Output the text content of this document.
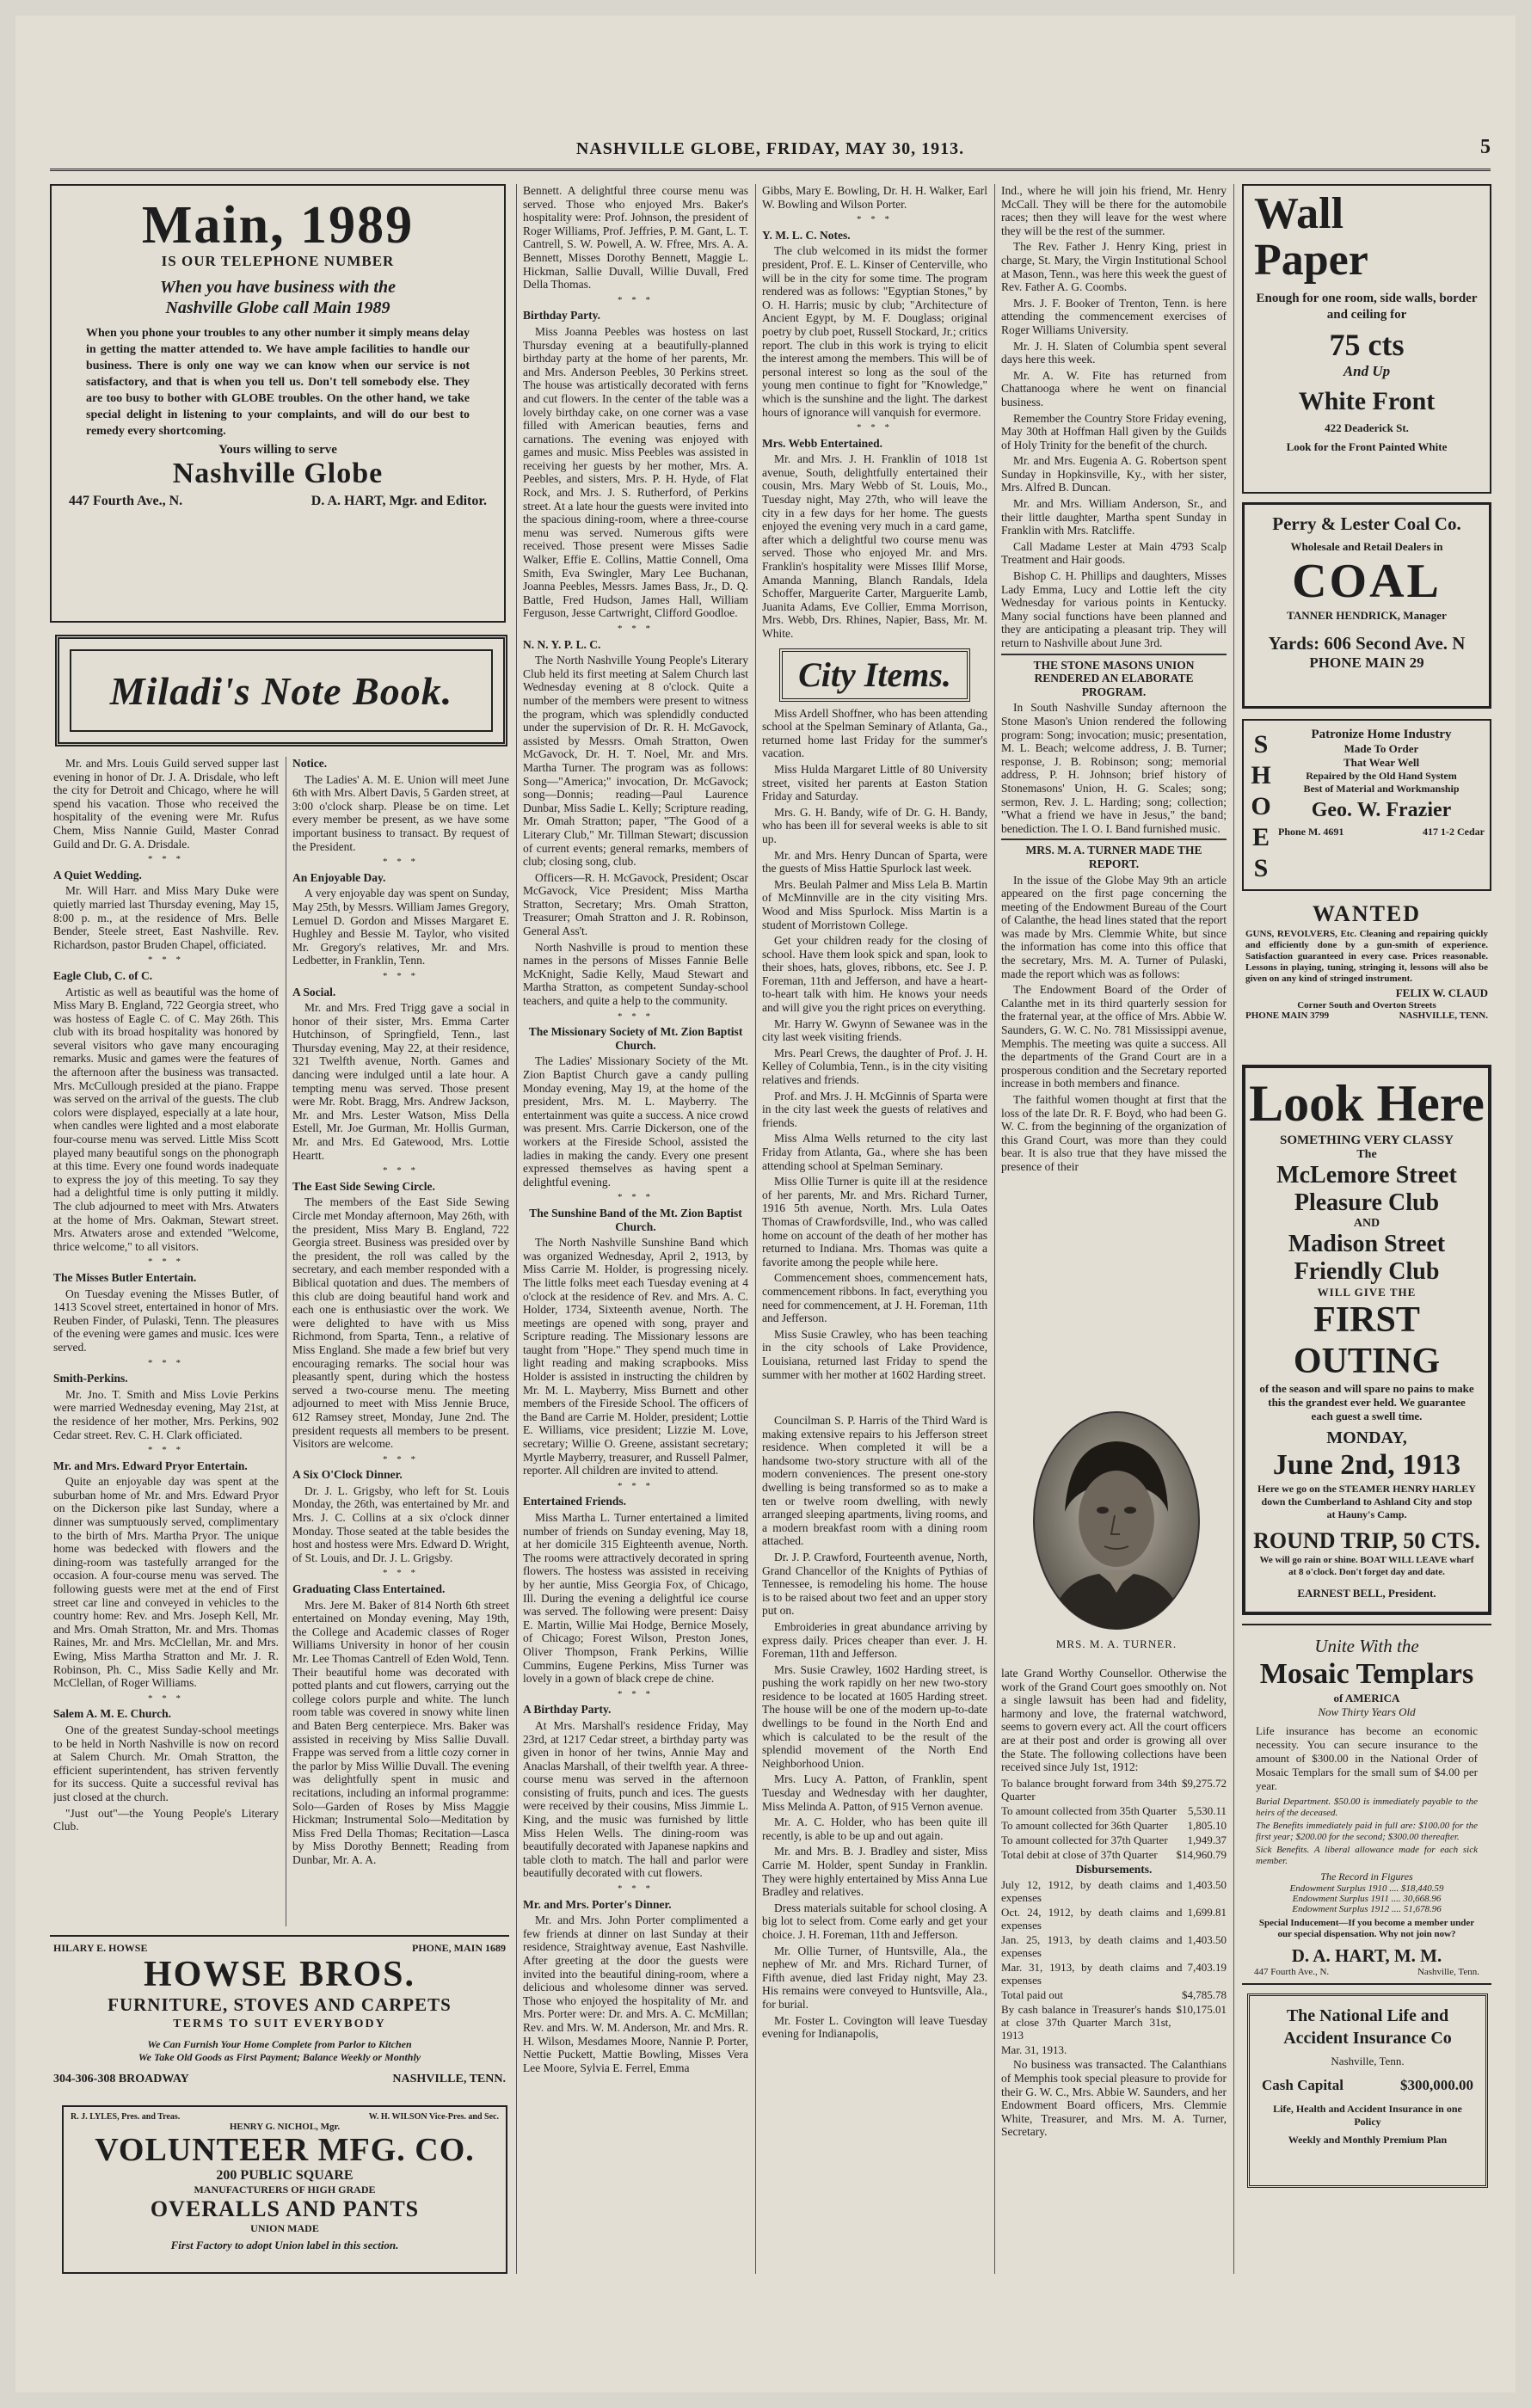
NASHVILLE GLOBE, FRIDAY, MAY 30, 1913.	5
Main, 1989
IS OUR TELEPHONE NUMBER
When you have business with the
Nashville Globe call Main 1989
When you phone your troubles to any other number it simply means delay in getting the matter attended to. We have ample facilities to handle our business. There is only one way we can know when our service is not satisfactory, and that is when you tell us. Don't tell somebody else. They are too busy to bother with GLOBE troubles. On the other hand, we take special delight in listening to your complaints, and will do our best to remedy every shortcoming.
Yours willing to serve
Nashville Globe
447 Fourth Ave., N.	D. A. HART, Mgr. and Editor.
Miladi's Note Book.

Mr. and Mrs. Louis Guild served supper last evening in honor of Dr. J. A. Drisdale, who left the city for Detroit and Chicago, where he will spend his vacation. Those who received the hospitality of the evening were Mr. Rufus Chem, Miss Nannie Guild, Master Conrad Guild and Dr. G. A. Drisdale.

* * *

A Quiet Wedding.

Mr. Will Harr. and Miss Mary Duke were quietly married last Thursday evening, May 15, 8:00 p. m., at the residence of Mrs. Belle Bender, Steele street, East Nashville. Rev. Richardson, pastor Bruden Chapel, officiated.

* * *

Eagle Club, C. of C.

Artistic as well as beautiful was the home of Miss Mary B. England, 722 Georgia street, who was hostess of Eagle C. of C. May 26th. This club with its broad hospitality was honored by several visitors who gave many encouraging remarks. Music and games were the features of the afternoon after the business was transacted. Mrs. McCullough presided at the piano. Frappe was served on the arrival of the guests. The club colors were displayed, especially at a late hour, when candles were lighted and a most elaborate four-course menu was served. Little Miss Scott played many beautiful songs on the phonograph at this time. Every one found words inadequate to express the joy of this meeting. To say they had a delightful time is only putting it mildly. The club adjourned to meet with Mrs. Atwaters at the home of Mrs. Oakman, Stewart street. Mrs. Atwaters arose and extended "Welcome, thrice welcome," to all visitors.

* * *

The Misses Butler Entertain.

On Tuesday evening the Misses Butler, of 1413 Scovel street, entertained in honor of Mrs. Reuben Finder, of Pulaski, Tenn. The pleasures of the evening were games and music. Ices were served.

* * *

Smith-Perkins.

Mr. Jno. T. Smith and Miss Lovie Perkins were married Wednesday evening, May 21st, at the residence of her mother, Mrs. Perkins, 902 Cedar street. Rev. C. H. Clark officiated.

* * *

Mr. and Mrs. Edward Pryor Entertain.

Quite an enjoyable day was spent at the suburban home of Mr. and Mrs. Edward Pryor on the Dickerson pike last Sunday, where a dinner was sumptuously served, complimentary to the birth of Mrs. Martha Pryor. The unique home was bedecked with flowers and the dining-room was tastefully arranged for the occasion. A four-course menu was served. The following guests were met at the end of First street car line and conveyed in vehicles to the country home: Rev. and Mrs. Joseph Kell, Mr. and Mrs. Omah Stratton, Mr. and Mrs. Thomas Raines, Mr. and Mrs. McClellan, Mr. and Mrs. Ewing, Miss Martha Stratton and Mr. J. R. Robinson, Ph. C., Miss Sadie Kelly and Mr. McClellan, of Roger Williams.

* * *

Salem A. M. E. Church.

One of the greatest Sunday-school meetings to be held in North Nashville is now on record at Salem Church. Mr. Omah Stratton, the efficient superintendent, has striven fervently for its success. Quite a successful revival has just closed at the church.

"Just out"—the Young People's Literary Club.

Notice.

The Ladies' A. M. E. Union will meet June 6th with Mrs. Albert Davis, 5 Garden street, at 3:00 o'clock sharp. Please be on time. Let every member be present, as we have some important business to transact. By request of the President.

* * *

An Enjoyable Day.

A very enjoyable day was spent on Sunday, May 25th, by Messrs. William James Gregory, Lemuel D. Gordon and Misses Margaret E. Hughley and Bessie M. Taylor, who visited Mr. Gregory's relatives, Mr. and Mrs. Ledbetter, in Franklin, Tenn.

* * *

A Social.

Mr. and Mrs. Fred Trigg gave a social in honor of their sister, Mrs. Emma Carter Hutchinson, of Springfield, Tenn., last Thursday evening, May 22, at their residence, 321 Twelfth avenue, North. Games and dancing were indulged until a late hour. A tempting menu was served. Those present were Mr. Robt. Bragg, Mrs. Andrew Jackson, Mr. and Mrs. Lester Watson, Miss Della Estell, Mr. Joe Gurman, Mr. Hollis Gurman, Mr. and Mrs. Ed Gatewood, Mrs. Lottie Heartt.

* * *

The East Side Sewing Circle.

The members of the East Side Sewing Circle met Monday afternoon, May 26th, with the president, Miss Mary B. England, 722 Georgia street. Business was presided over by the president, the roll was called by the secretary, and each member responded with a Biblical quotation and dues. The members of this club are doing beautiful hand work and each one is enthusiastic over the work. We were delighted to have with us Miss Richmond, from Sparta, Tenn., a relative of Miss England. She made a few brief but very encouraging remarks. The social hour was pleasantly spent, during which the hostess served a two-course menu. The meeting adjourned to meet with Miss Jennie Bruce, 612 Ramsey street, Monday, June 2nd. The president requests all members to be present. Visitors are welcome.

* * *

A Six O'Clock Dinner.

Dr. J. L. Grigsby, who left for St. Louis Monday, the 26th, was entertained by Mr. and Mrs. J. C. Collins at a six o'clock dinner Monday. Those seated at the table besides the host and hostess were Mrs. Edward D. Wright, of St. Louis, and Dr. J. L. Grigsby.

* * *

Graduating Class Entertained.

Mrs. Jere M. Baker of 814 North 6th street entertained on Monday evening, May 19th, the College and Academic classes of Roger Williams University in honor of her cousin Mr. Lee Thomas Cantrell of Eden Wold, Tenn. Their beautiful home was decorated with potted plants and cut flowers, carrying out the college colors purple and white. The lunch room table was covered in snowy white linen and Baten Berg centerpiece. Mrs. Baker was assisted in receiving by Miss Sallie Duvall. Frappe was served from a little cozy corner in the parlor by Miss Willie Duvall. The evening was delightfully spent in music and recitations, including an informal programme: Solo—Garden of Roses by Miss Maggie Hickman; Instrumental Solo—Meditation by Miss Fred Della Thomas; Recitation—Lasca by Miss Dorothy Bennett; Reading from Dunbar, Mr. A. A.

HILARY E. HOWSE	PHONE, MAIN 1689
HOWSE BROS.
FURNITURE, STOVES AND CARPETS
TERMS TO SUIT EVERYBODY
We Can Furnish Your Home Complete from Parlor to Kitchen
We Take Old Goods as First Payment; Balance Weekly or Monthly
304-306-308 BROADWAY	NASHVILLE, TENN.
R. J. LYLES, Pres. and Treas.	W. H. WILSON Vice-Pres. and Sec.
HENRY G. NICHOL, Mgr.
VOLUNTEER MFG. CO.
200 PUBLIC SQUARE
MANUFACTURERS OF HIGH GRADE
OVERALLS AND PANTS
UNION MADE
First Factory to adopt Union label in this section.

Bennett. A delightful three course menu was served. Those who enjoyed Mrs. Baker's hospitality were: Prof. Johnson, the president of Roger Williams, Prof. Jeffries, P. M. Gant, L. T. Cantrell, S. W. Powell, A. W. Ffree, Mrs. A. A. Bennett, Misses Dorothy Bennett, Maggie L. Hickman, Sallie Duvall, Willie Duvall, Fred Della Thomas.

* * *

Birthday Party.

Miss Joanna Peebles was hostess on last Thursday evening at a beautifully-planned birthday party at the home of her parents, Mr. and Mrs. Anderson Peebles, 30 Perkins street. The house was artistically decorated with ferns and cut flowers. In the center of the table was a lovely birthday cake, on one corner was a vase filled with American beauties, ferns and carnations. The evening was enjoyed with games and music. Miss Peebles was assisted in receiving her guests by her mother, Mrs. A. Peebles, and sisters, Mrs. P. H. Hyde, of Flat Rock, and Mrs. J. S. Rutherford, of Perkins street. At a late hour the guests were invited into the spacious dining-room, where a three-course menu was served. Numerous gifts were received. Those present were Misses Sadie Walker, Effie E. Collins, Mattie Connell, Oma Smith, Eva Swingler, Mary Lee Buchanan, Joanna Peebles, Messrs. James Bass, Jr., D. Q. Battle, Fred Hudson, James Hall, William Ferguson, Jesse Cartwright, Clifford Goodloe.

* * *

N. N. Y. P. L. C.

The North Nashville Young People's Literary Club held its first meeting at Salem Church last Wednesday evening at 8 o'clock. Quite a number of the members were present to witness the program, which was splendidly conducted under the supervision of Dr. R. H. McGavock, assisted by Messrs. Omah Stratton, Owen McGavock, Dr. H. T. Noel, Mr. and Mrs. Martha Turner. The program was as follows: Song—"America;" invocation, Dr. McGavock; song—Donnis; reading—Paul Laurence Dunbar, Miss Sadie L. Kelly; Scripture reading, Mr. Omah Stratton; paper, "The Good of a Literary Club," Mr. Tillman Stewart; discussion of current events; general remarks, members of club; closing song, club.

Officers—R. H. McGavock, President; Oscar McGavock, Vice President; Miss Martha Stratton, Secretary; Mrs. Omah Stratton, Treasurer; Omah Stratton and J. R. Robinson, General Ass't.

North Nashville is proud to mention these names in the persons of Misses Fannie Belle McKnight, Sadie Kelly, Maud Stewart and Martha Stratton, as competent Sunday-school teachers, and quite a help to the community.

* * *

The Missionary Society of Mt. Zion Baptist Church.

The Ladies' Missionary Society of the Mt. Zion Baptist Church gave a candy pulling Monday evening, May 19, at the home of the president, Mrs. M. L. Mayberry. The entertainment was quite a success. A nice crowd was present. Mrs. Carrie Dickerson, one of the workers at the Fireside School, assisted the ladies in making the candy. Every one present expressed themselves as having spent a delightful evening.

* * *

The Sunshine Band of the Mt. Zion Baptist Church.

The North Nashville Sunshine Band which was organized Wednesday, April 2, 1913, by Miss Carrie M. Holder, is progressing nicely. The little folks meet each Tuesday evening at 4 o'clock at the residence of Rev. and Mrs. A. C. Holder, 1734, Sixteenth avenue, North. The meetings are opened with song, prayer and Scripture reading. The Missionary lessons are taught from "Hope." They spend much time in light reading and making scrapbooks. Miss Holder is assisted in instructing the children by Mr. M. L. Mayberry, Miss Burnett and other members of the Fireside School. The officers of the Band are Carrie M. Holder, president; Lottie E. Williams, vice president; Lizzie M. Love, secretary; Willie O. Greene, assistant secretary; Myrtle Mayberry, treasurer, and Russell Palmer, reporter. All children are invited to attend.

* * *

Entertained Friends.

Miss Martha L. Turner entertained a limited number of friends on Sunday evening, May 18, at her domicile 315 Eighteenth avenue, North. The rooms were attractively decorated in spring flowers. The hostess was assisted in receiving by her auntie, Miss Georgia Fox, of Chicago, Ill. During the evening a delightful ice course was served. The following were present: Daisy E. Martin, Willie Mai Hodge, Bernice Mosely, of Chicago; Forest Wilson, Preston Jones, Oliver Thompson, Frank Perkins, Willie Cummins, Eugene Perkins, Miss Turner was lovely in a gown of black crepe de chine.

* * *

A Birthday Party.

At Mrs. Marshall's residence Friday, May 23rd, at 1217 Cedar street, a birthday party was given in honor of her twins, Annie May and Anaclas Marshall, of their twelfth year. A three-course menu was served in the afternoon consisting of fruits, punch and ices. The guests were received by their cousins, Miss Jimmie L. King, and the music was furnished by little Miss Helen Wells. The dining-room was beautifully decorated with Japanese napkins and table cloth to match. The hall and parlor were beautifully decorated with cut flowers.

* * *

Mr. and Mrs. Porter's Dinner.

Mr. and Mrs. John Porter complimented a few friends at dinner on last Sunday at their residence, Straightway avenue, East Nashville. After greeting at the door the guests were invited into the beautiful dining-room, where a delicious and wholesome dinner was served. Those who enjoyed the hospitality of Mr. and Mrs. Porter were: Dr. and Mrs. A. C. McMillan; Rev. and Mrs. W. M. Anderson, Mr. and Mrs. R. H. Wilson, Mesdames Moore, Nannie P. Porter, Nettie Puckett, Mattie Bowling, Misses Vera Lee Moore, Sylvia E. Ferrel, Emma

Gibbs, Mary E. Bowling, Dr. H. H. Walker, Earl W. Bowling and Wilson Porter.

* * *

Y. M. L. C. Notes.

The club welcomed in its midst the former president, Prof. E. L. Kinser of Centerville, who will be in the city for some time. The program rendered was as follows: "Egyptian Stones," by O. H. Harris; music by club; "Architecture of Ancient Egypt, by M. F. Douglass; original poetry by club poet, Russell Stockard, Jr.; critics report. The club in this work is trying to elicit the interest among the members. This will be of personal interest so long as the soul of the young men continue to fight for "Knowledge," which is the sunshine and the light. The darkest hours of ignorance will vanquish for evermore.

* * *

Mrs. Webb Entertained.

Mr. and Mrs. J. H. Franklin of 1018 1st avenue, South, delightfully entertained their cousin, Mrs. Mary Webb of St. Louis, Mo., Tuesday night, May 27th, who will leave the city in a few days for her home. The guests enjoyed the evening very much in a card game, after which a delightful two course menu was served. Those who enjoyed Mr. and Mrs. Franklin's hospitality were Misses Illif Morse, Amanda Manning, Blanch Randals, Idela Schoffer, Marguerite Carter, Marguerite Lamb, Juanita Adams, Eve Collier, Emma Morrison, Mrs. Webb, Drs. Rhines, Napier, Bass, Mr. M. White.

City Items.

Miss Ardell Shoffner, who has been attending school at the Spelman Seminary of Atlanta, Ga., returned home last Friday for the summer's vacation.

Miss Hulda Margaret Little of 80 University street, visited her parents at Easton Station Friday and Saturday.

Mrs. G. H. Bandy, wife of Dr. G. H. Bandy, who has been ill for several weeks is able to sit up.

Mr. and Mrs. Henry Duncan of Sparta, were the guests of Miss Hattie Spurlock last week.

Mrs. Beulah Palmer and Miss Lela B. Martin of McMinnville are in the city visiting Mrs. Wood and Miss Spurlock. Miss Martin is a student of Morristown College.

Get your children ready for the closing of school. Have them look spick and span, look to their shoes, hats, gloves, ribbons, etc. See J. P. Foreman, 11th and Jefferson, and have a heart-to-heart talk with him. He knows your needs and will give you the right prices on everything.

Mr. Harry W. Gwynn of Sewanee was in the city last week visiting friends.

Mrs. Pearl Crews, the daughter of Prof. J. H. Kelley of Columbia, Tenn., is in the city visiting relatives and friends.

Prof. and Mrs. J. H. McGinnis of Sparta were in the city last week the guests of relatives and friends.

Miss Alma Wells returned to the city last Friday from Atlanta, Ga., where she has been attending school at Spelman Seminary.

Miss Ollie Turner is quite ill at the residence of her parents, Mr. and Mrs. Richard Turner, 1916 5th avenue, North. Mrs. Lula Oates Thomas of Crawfordsville, Ind., who was called home on account of the death of her mother has returned to Indiana. Mrs. Thomas was quite a favorite among the people while here.

Commencement shoes, commencement hats, commencement ribbons. In fact, everything you need for commencement, at J. H. Foreman, 11th and Jefferson.

Miss Susie Crawley, who has been teaching in the city schools of Lake Providence, Louisiana, returned last Friday to spend the summer with her mother at 1602 Harding street.

MRS. M. A. TURNER.

Councilman S. P. Harris of the Third Ward is making extensive repairs to his Jefferson street residence. When completed it will be a handsome two-story structure with all of the modern conveniences. The present one-story dwelling is being transformed so as to make a ten or twelve room dwelling, with newly arranged sleeping apartments, living rooms, and a modern breakfast room with a dining room attached.

Dr. J. P. Crawford, Fourteenth avenue, North, Grand Chancellor of the Knights of Pythias of Tennessee, is remodeling his home. The house is to be raised about two feet and an upper story put on.

Embroideries in great abundance arriving by express daily. Prices cheaper than ever. J. H. Foreman, 11th and Jefferson.

Mrs. Susie Crawley, 1602 Harding street, is pushing the work rapidly on her new two-story residence to be located at 1605 Harding street. The house will be one of the modern up-to-date dwellings to be found in the North End and which is calculated to be the result of the splendid movement of the North End Neighborhood Union.

Mrs. Lucy A. Patton, of Franklin, spent Tuesday and Wednesday with her daughter, Miss Melinda A. Patton, of 915 Vernon avenue.

Mr. A. C. Holder, who has been quite ill recently, is able to be up and out again.

Mr. and Mrs. B. J. Bradley and sister, Miss Carrie M. Holder, spent Sunday in Franklin. They were highly entertained by Miss Anna Lue Bradley and relatives.

Dress materials suitable for school closing. A big lot to select from. Come early and get your choice. J. H. Foreman, 11th and Jefferson.

Mr. Ollie Turner, of Huntsville, Ala., the nephew of Mr. and Mrs. Richard Turner, of Fifth avenue, died last Friday night, May 23. His remains were conveyed to Huntsville, Ala., for burial.

Mr. Foster L. Covington will leave Tuesday evening for Indianapolis,

Ind., where he will join his friend, Mr. Henry McCall. They will be there for the automobile races; then they will leave for the west where they will be the rest of the summer.

The Rev. Father J. Henry King, priest in charge, St. Mary, the Virgin Institutional School at Mason, Tenn., was here this week the guest of Rev. Father A. G. Coombs.

Mrs. J. F. Booker of Trenton, Tenn. is here attending the commencement exercises of Roger Williams University.

Mr. J. H. Slaten of Columbia spent several days here this week.

Mr. A. W. Fite has returned from Chattanooga where he went on financial business.

Remember the Country Store Friday evening, May 30th at Hoffman Hall given by the Guilds of Holy Trinity for the benefit of the church.

Mr. and Mrs. Eugenia A. G. Robertson spent Sunday in Hopkinsville, Ky., with her sister, Mrs. Alfred B. Duncan.

Mr. and Mrs. William Anderson, Sr., and their little daughter, Martha spent Sunday in Franklin with Mrs. Ratcliffe.

Call Madame Lester at Main 4793 Scalp Treatment and Hair goods.

Bishop C. H. Phillips and daughters, Misses Lady Emma, Lucy and Lottie left the city Wednesday for various points in Kentucky. Many social functions have been planned and they are anticipating a pleasant trip. They will return to Nashville about June 3rd.

THE STONE MASONS UNION RENDERED AN ELABORATE PROGRAM.

In South Nashville Sunday afternoon the Stone Mason's Union rendered the following program: Song; invocation; music; presentation, M. L. Beach; welcome address, J. B. Turner; response, J. B. Robinson; song; memorial address, P. H. Johnson; brief history of Stonemasons' Union, H. G. Scales; song; sermon, Rev. J. L. Harding; song; collection; "What a friend we have in Jesus," the band; benediction. The I. O. I. Band furnished music.

MRS. M. A. TURNER MADE THE REPORT.

In the issue of the Globe May 9th an article appeared on the first page concerning the meeting of the Endowment Bureau of the Court of Calanthe, the head lines stated that the report was made by Mrs. Clemmie White, but since the information has come into this office that the secretary, Mrs. M. A. Turner of Pulaski, made the report which was as follows:

The Endowment Board of the Order of Calanthe met in its third quarterly session for the fraternal year, at the office of Mrs. Abbie W. Saunders, G. W. C. No. 781 Mississippi avenue, Memphis. The meeting was quite a success. All the departments of the Grand Court are in a prosperous condition and the Secretary reported increase in both members and finance.

The faithful women thought at first that the loss of the late Dr. R. F. Boyd, who had been G. W. C. from the beginning of the organization of this Grand Court, was more than they could bear. It is also true that they have missed the presence of their

late Grand Worthy Counsellor. Otherwise the work of the Grand Court goes smoothly on. Not a single lawsuit has been had and fidelity, harmony and love, the fraternal watchword, seems to govern every act. All the court officers are at their post and order is growing all over the State. The following collections have been received since July 1st, 1912:

To balance brought forward from 34th Quarter
$9,275.72
To amount collected from 35th Quarter	5,530.11
To amount collected for 36th Quarter	1,805.10
To amount collected for 37th Quarter	1,949.37
Total debit at close of 37th Quarter	$14,960.79

Disbursements.

July 12, 1912, by death claims and expenses
1,403.50
Oct. 24, 1912, by death claims and expenses
1,699.81
Jan. 25, 1913, by death claims and expenses
1,403.50
Mar. 31, 1913, by death claims and expenses
7,403.19
Total paid out	$4,785.78
By cash balance in Treasurer's hands at close 37th Quarter March 31st, 1913
$10,175.01
Mar. 31, 1913.

No business was transacted. The Calanthians of Memphis took special pleasure to provide for their G. W. C., Mrs. Abbie W. Saunders, and her Endowment Board officers, Mrs. Clemmie White, Treasurer, and Mrs. M. A. Turner, Secretary.

Wall
Paper
Enough for one room, side walls, border and ceiling for
75 cts
And Up
White Front
422 Deaderick St.
Look for the Front Painted White
Perry & Lester Coal Co.
Wholesale and Retail Dealers in
COAL
TANNER HENDRICK, Manager
Yards: 606 Second Ave. N
PHONE MAIN 29
SHOES
Patronize Home Industry
Made To Order
That Wear Well
Repaired by the Old Hand System
Best of Material and Workmanship
Geo. W. Frazier
Phone M. 4691	417 1-2 Cedar
WANTED
GUNS, REVOLVERS, Etc. Cleaning and repairing quickly and efficiently done by a gun-smith of experience. Satisfaction guaranteed in every case. Prices reasonable. Lessons in playing, tuning, stringing it, lessons will also be given on any kind of stringed instrument.
FELIX W. CLAUD
Corner South and Overton Streets
PHONE MAIN 3799	NASHVILLE, TENN.
Look Here
SOMETHING VERY CLASSY
The
McLemore Street Pleasure Club
AND
Madison Street Friendly Club
WILL GIVE THE
FIRST OUTING
of the season and will spare no pains to make this the grandest ever held. We guarantee each guest a swell time.
MONDAY,
June 2nd, 1913
Here we go on the STEAMER HENRY HARLEY down the Cumberland to Ashland City and stop at Hauny's Camp.
ROUND TRIP, 50 CTS.
We will go rain or shine. BOAT WILL LEAVE wharf at 8 o'clock. Don't forget day and date.
EARNEST BELL, President.
Unite With the
Mosaic Templars
of AMERICA
Now Thirty Years Old
Life insurance has become an economic necessity. You can secure insurance to the amount of $300.00 in the National Order of Mosaic Templars for the small sum of $4.00 per year.
Burial Department. $50.00 is immediately payable to the heirs of the deceased.
The Benefits immediately paid in full are: $100.00 for the first year; $200.00 for the second; $300.00 thereafter.
Sick Benefits. A liberal allowance made for each sick member.
The Record in Figures
Endowment Surplus 1910 .... $18,440.59
Endowment Surplus 1911 .... 30,668.96
Endowment Surplus 1912 .... 51,678.96
Special Inducement—If you become a member under our special dispensation. Why not join now?
D. A. HART, M. M.
447 Fourth Ave., N.	Nashville, Tenn.
The National Life and Accident Insurance Co
Nashville, Tenn.
Cash Capital	$300,000.00
Life, Health and Accident Insurance in one Policy
Weekly and Monthly Premium Plan
